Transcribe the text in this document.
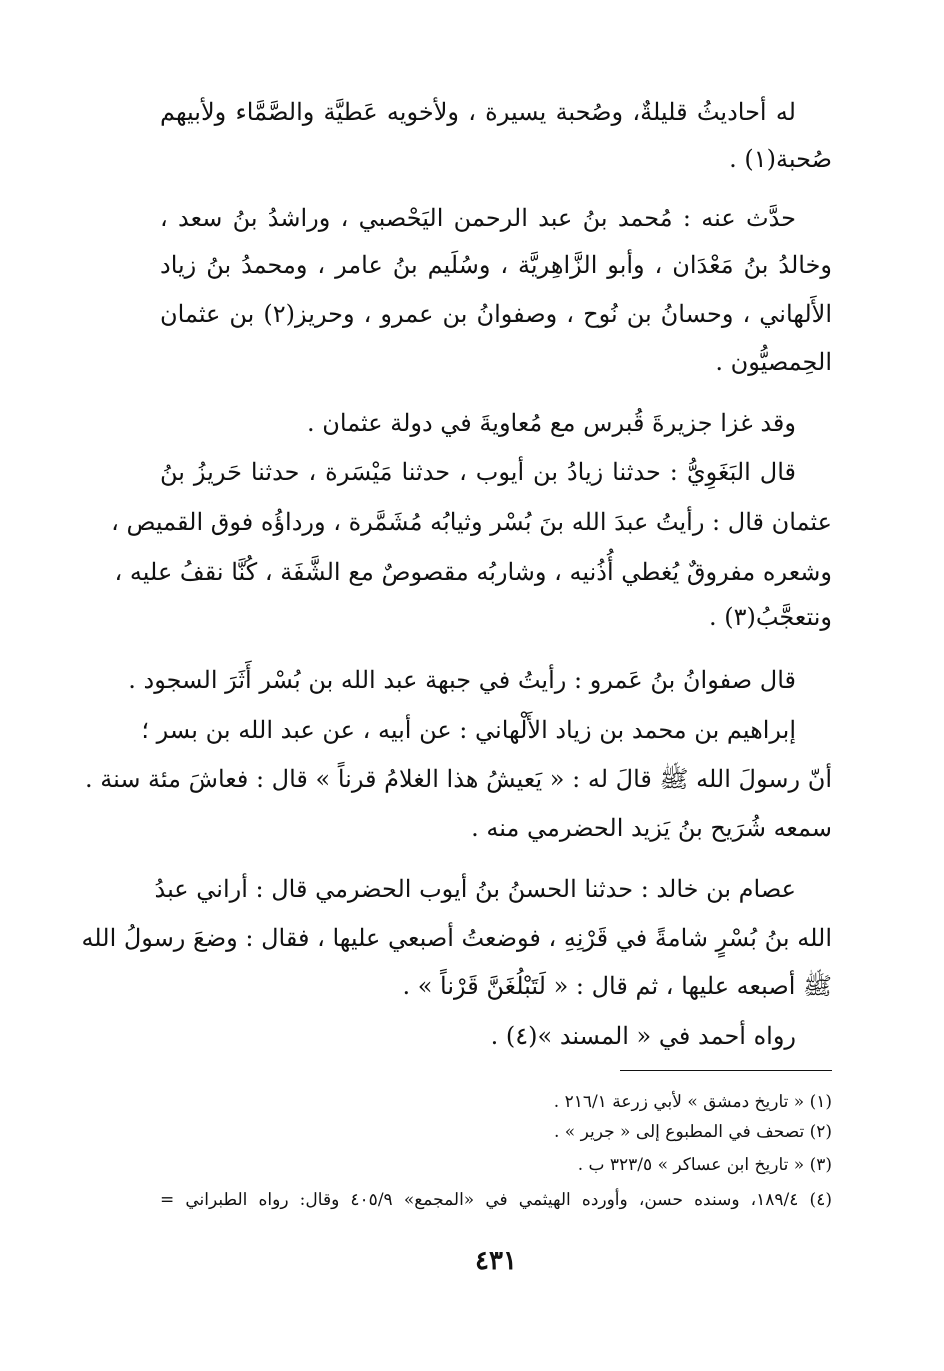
له أحاديثُ قليلةٌ، وصُحبة يسيرة ، ولأخويه عَطيَّة والصَّمَّاء ولأبيهم
صُحبة(١) .
حدَّث عنه : مُحمد بنُ عبد الرحمن اليَحْصبي ، وراشدُ بنُ سعد ،
وخالدُ بنُ مَعْدَان ، وأبو الزَّاهِريَّة ، وسُلَيم بنُ عامر ، ومحمدُ بنُ زياد
الأَلهاني ، وحسانُ بن نُوح ، وصفوانُ بن عمرو ، وحريز(٢) بن عثمان
الحِمصيُّون .
وقد غزا جزيرةَ قُبرس مع مُعاويةَ في دولة عثمان .
قال البَغَوِيُّ : حدثنا زيادُ بن أيوب ، حدثنا مَيْسَرة ، حدثنا حَريزُ بنُ
عثمان قال : رأيتُ عبدَ الله بنَ بُسْر وثيابُه مُشَمَّرة ، ورداؤُه فوق القميص ،
وشعره مفروقٌ يُغطي أُذُنيه ، وشاربُه مقصوصٌ مع الشَّفَة ، كُنَّا نقفُ عليه ،
ونتعجَّبُ(٣) .
قال صفوانُ بنُ عَمرو : رأيتُ في جبهة عبد الله بن بُسْر أَثَرَ السجود .
إبراهيم بن محمد بن زياد الأَلْهاني : عن أبيه ، عن عبد الله بن بسر ؛
أنّ رسولَ الله ﷺ قالَ له : « يَعيشُ هذا الغلامُ قرناً » قال : فعاشَ مئة سنة .
سمعه شُرَيح بنُ يَزيد الحضرمي منه .
عصام بن خالد : حدثنا الحسنُ بنُ أيوب الحضرمي قال : أراني عبدُ
الله بنُ بُسْرٍ شامةً في قَرْنِهِ ، فوضعتُ أصبعي عليها ، فقال : وضعَ رسولُ الله
ﷺ أصبعه عليها ، ثم قال : « لَتَبْلُغَنَّ قَرْناً » .
رواه أحمد في « المسند »(٤) .
(١) « تاريخ دمشق » لأبي زرعة ٢١٦/١ .
(٢) تصحف في المطبوع إلى « جرير » .
(٣) « تاريخ ابن عساكر » ٣٢٣/٥ ب .
(٤) ١٨٩/٤، وسنده حسن، وأورده الهيثمي في «المجمع» ٤٠٥/٩ وقال: رواه الطبراني =
٤٣١
